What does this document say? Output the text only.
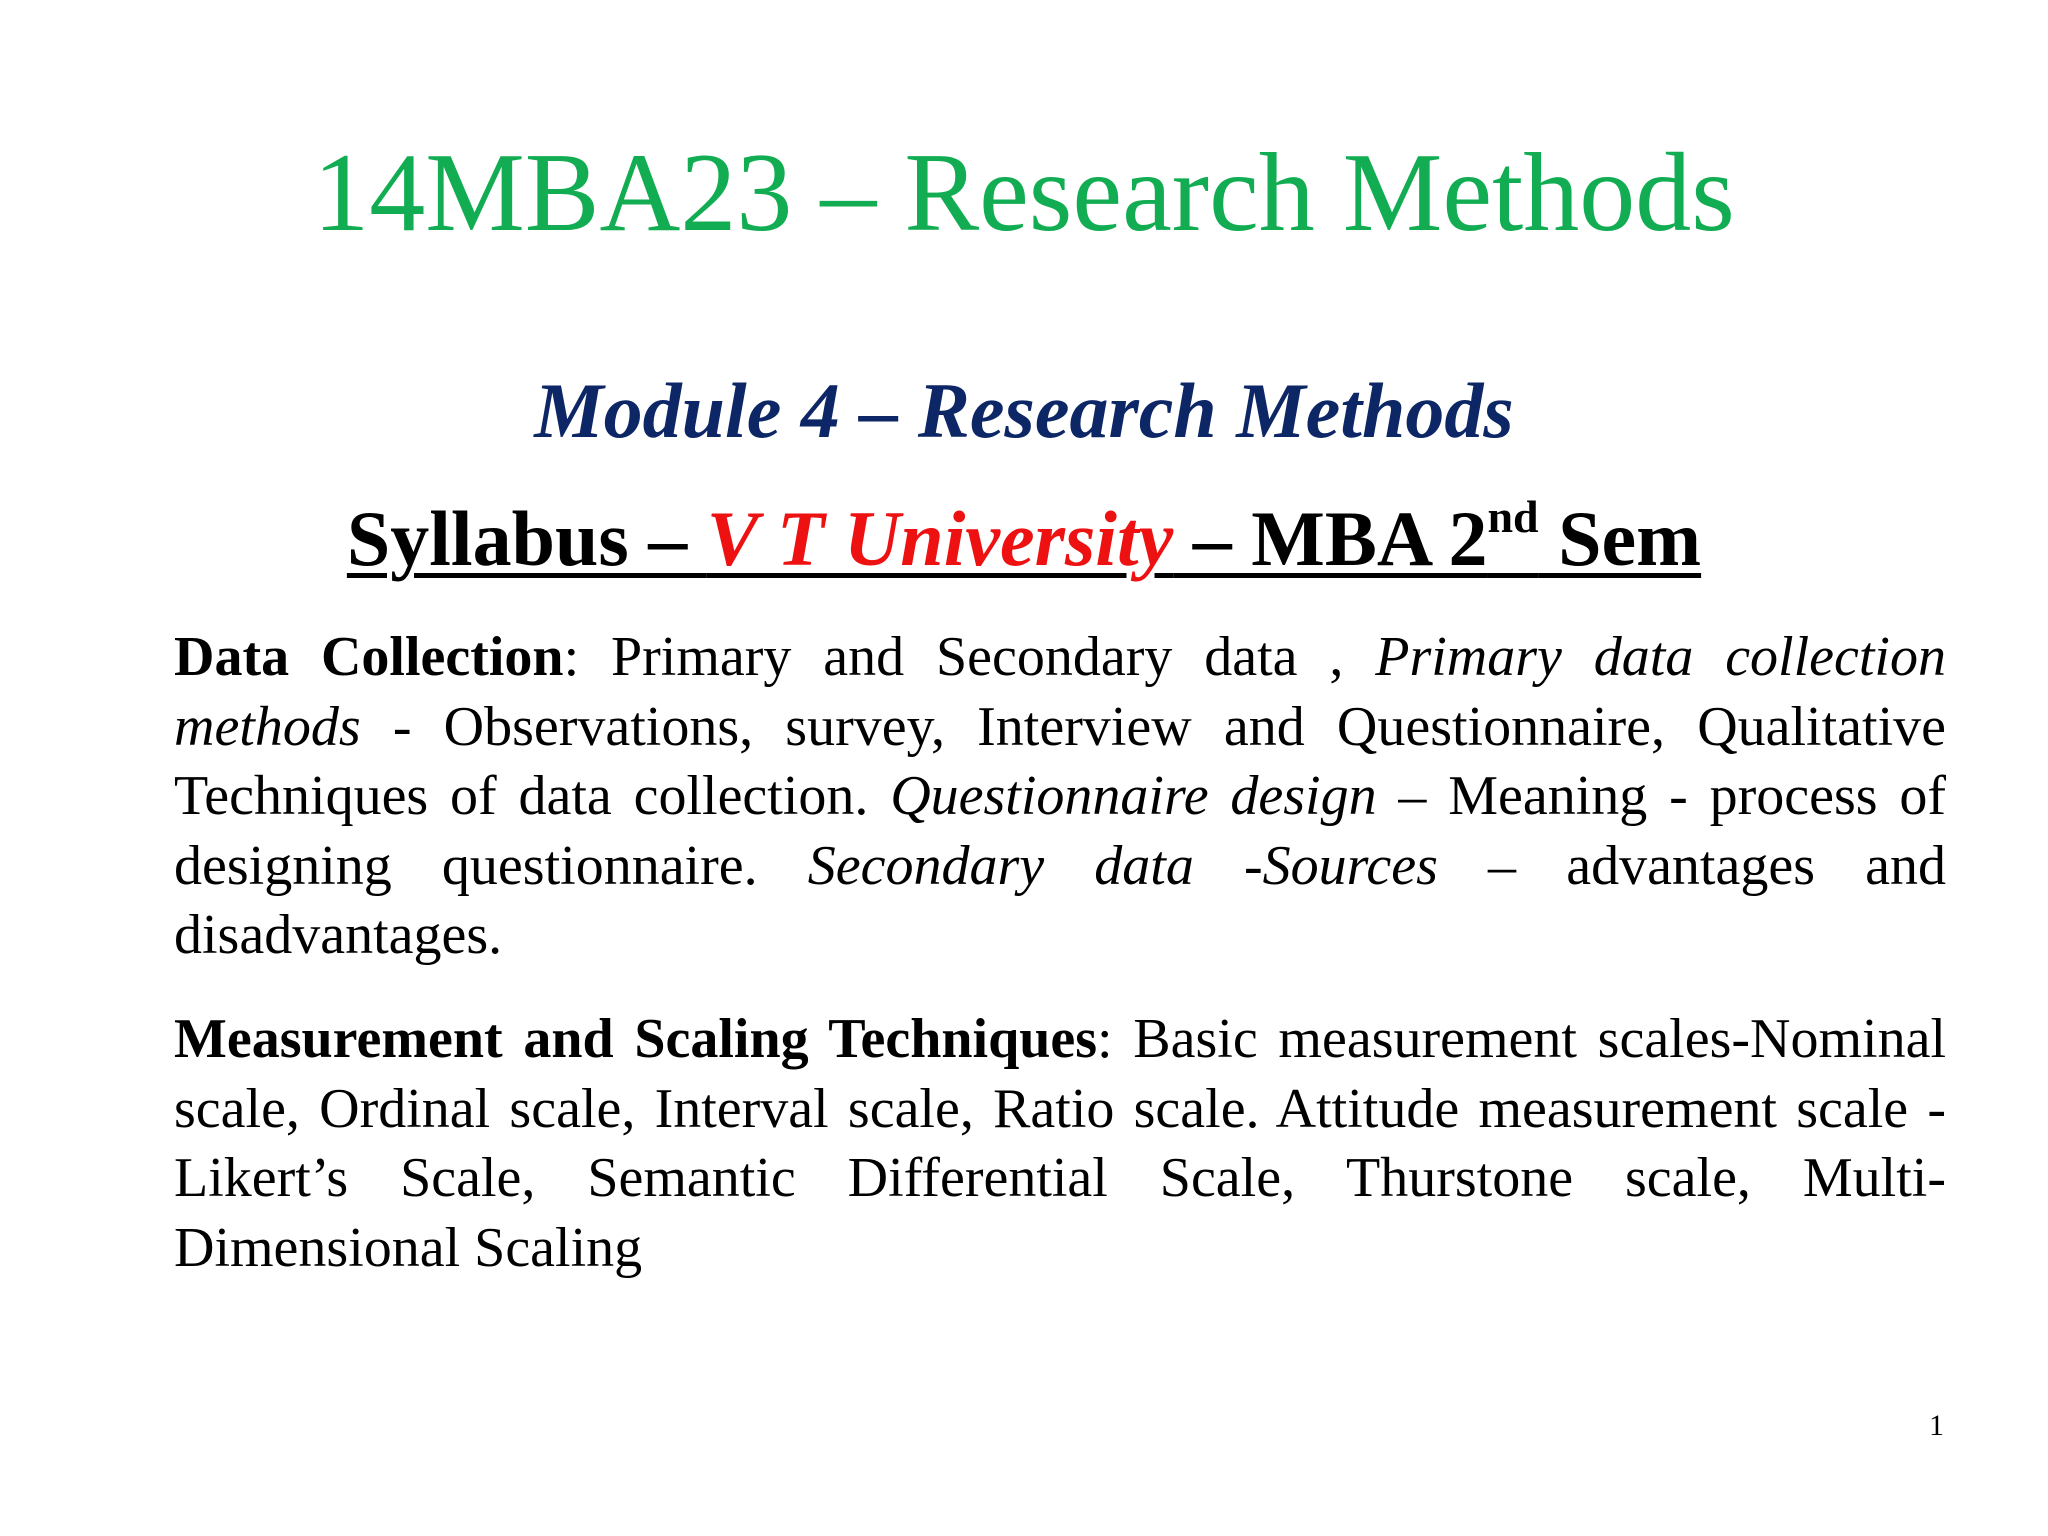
14MBA23 – Research Methods
Module 4 – Research Methods
Syllabus – V T University – MBA 2nd Sem
Data Collection: Primary and Secondary data , Primary data collection methods - Observations, survey, Interview and Questionnaire, Qualitative Techniques of data collection. Questionnaire design – Meaning - process of designing questionnaire. Secondary data -Sources – advantages and disadvantages.
Measurement and Scaling Techniques: Basic measurement scales-Nominal scale, Ordinal scale, Interval scale, Ratio scale. Attitude measurement scale - Likert’s Scale, Semantic Differential Scale, Thurstone scale, Multi-Dimensional Scaling
1
